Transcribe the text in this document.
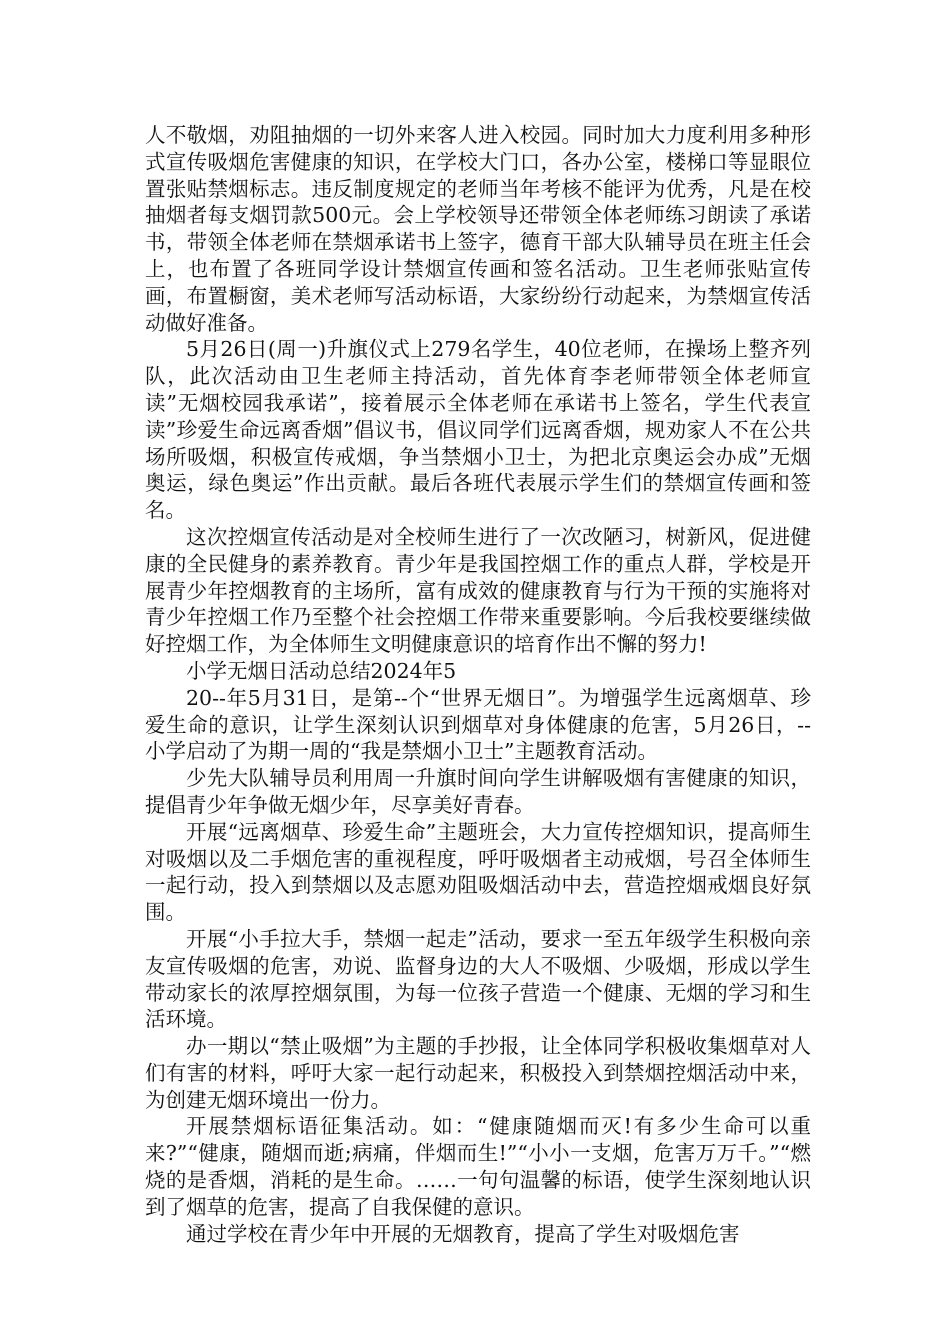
人不敬烟，劝阻抽烟的一切外来客人进入校园。同时加大力度利用多种形式宣传吸烟危害健康的知识，在学校大门口，各办公室，楼梯口等显眼位置张贴禁烟标志。违反制度规定的老师当年考核不能评为优秀，凡是在校抽烟者每支烟罚款500元。会上学校领导还带领全体老师练习朗读了承诺书，带领全体老师在禁烟承诺书上签字，德育干部大队辅导员在班主任会上，也布置了各班同学设计禁烟宣传画和签名活动。卫生老师张贴宣传画，布置橱窗，美术老师写活动标语，大家纷纷行动起来，为禁烟宣传活动做好准备。

5月26日(周一)升旗仪式上279名学生，40位老师，在操场上整齐列队，此次活动由卫生老师主持活动，首先体育李老师带领全体老师宣读”无烟校园我承诺”，接着展示全体老师在承诺书上签名，学生代表宣读”珍爱生命远离香烟”倡议书，倡议同学们远离香烟，规劝家人不在公共场所吸烟，积极宣传戒烟，争当禁烟小卫士，为把北京奥运会办成”无烟奥运，绿色奥运”作出贡献。最后各班代表展示学生们的禁烟宣传画和签名。

这次控烟宣传活动是对全校师生进行了一次改陋习，树新风，促进健康的全民健身的素养教育。青少年是我国控烟工作的重点人群，学校是开展青少年控烟教育的主场所，富有成效的健康教育与行为干预的实施将对青少年控烟工作乃至整个社会控烟工作带来重要影响。今后我校要继续做好控烟工作，为全体师生文明健康意识的培育作出不懈的努力!

小学无烟日活动总结2024年5

20--年5月31日，是第--个“世界无烟日”。为增强学生远离烟草、珍爱生命的意识，让学生深刻认识到烟草对身体健康的危害，5月26日，--小学启动了为期一周的“我是禁烟小卫士”主题教育活动。

少先大队辅导员利用周一升旗时间向学生讲解吸烟有害健康的知识，提倡青少年争做无烟少年，尽享美好青春。

开展“远离烟草、珍爱生命”主题班会，大力宣传控烟知识，提高师生对吸烟以及二手烟危害的重视程度，呼吁吸烟者主动戒烟，号召全体师生一起行动，投入到禁烟以及志愿劝阻吸烟活动中去，营造控烟戒烟良好氛围。

开展“小手拉大手，禁烟一起走”活动，要求一至五年级学生积极向亲友宣传吸烟的危害，劝说、监督身边的大人不吸烟、少吸烟，形成以学生带动家长的浓厚控烟氛围，为每一位孩子营造一个健康、无烟的学习和生活环境。

办一期以“禁止吸烟”为主题的手抄报，让全体同学积极收集烟草对人们有害的材料，呼吁大家一起行动起来，积极投入到禁烟控烟活动中来，为创建无烟环境出一份力。

开展禁烟标语征集活动。如：“健康随烟而灭!有多少生命可以重来?”“健康，随烟而逝;病痛，伴烟而生!”“小小一支烟，危害万万千。”“燃烧的是香烟，消耗的是生命。……一句句温馨的标语，使学生深刻地认识到了烟草的危害，提高了自我保健的意识。

通过学校在青少年中开展的无烟教育，提高了学生对吸烟危害
